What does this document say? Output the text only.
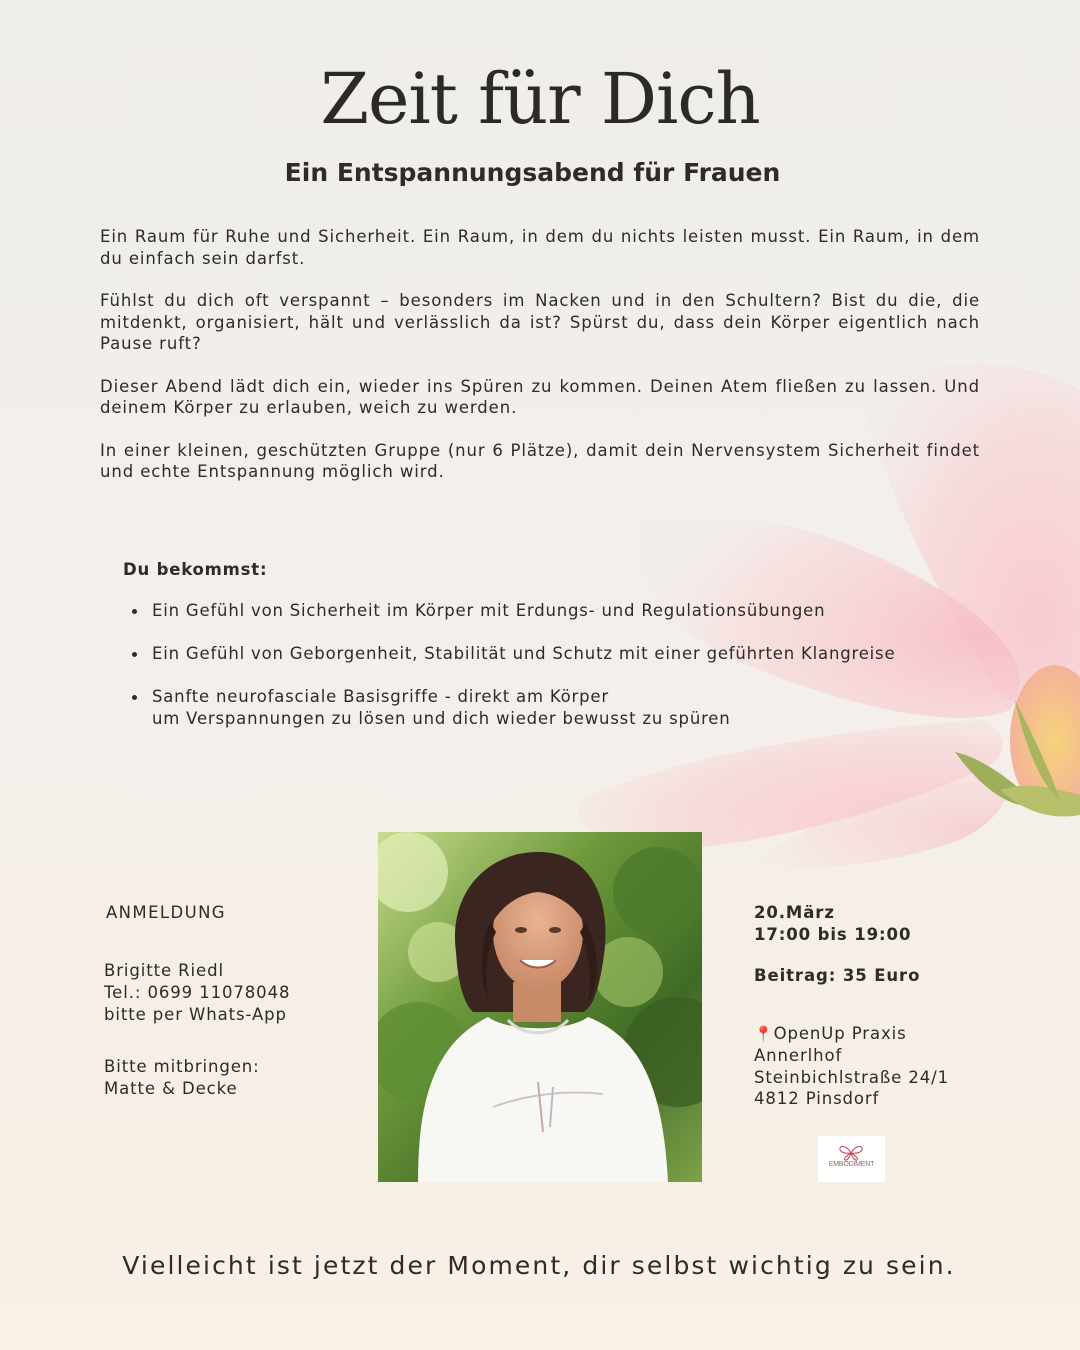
Zeit für Dich
Ein Entspannungsabend für Frauen

Ein Raum für Ruhe und Sicherheit. Ein Raum, in dem du nichts leisten musst. Ein Raum, in dem du einfach sein darfst.

Fühlst du dich oft verspannt – besonders im Nacken und in den Schultern? Bist du die, die mitdenkt, organisiert, hält und verlässlich da ist? Spürst du, dass dein Körper eigentlich nach Pause ruft?

Dieser Abend lädt dich ein, wieder ins Spüren zu kommen. Deinen Atem fließen zu lassen. Und deinem Körper zu erlauben, weich zu werden.

In einer kleinen, geschützten Gruppe (nur 6 Plätze), damit dein Nervensystem Sicherheit findet und echte Entspannung möglich wird.

Du bekommst:
Ein Gefühl von Sicherheit im Körper mit Erdungs- und Regulationsübungen
Ein Gefühl von Geborgenheit, Stabilität und Schutz mit einer geführten Klangreise
Sanfte neurofasciale Basisgriffe - direkt am Körper
um Verspannungen zu lösen und dich wieder bewusst zu spüren
ANMELDUNG
Brigitte Riedl
Tel.: 0699 11078048
bitte per Whats-App
Bitte mitbringen:
Matte & Decke
20.März
17:00 bis 19:00
Beitrag: 35 Euro
📍OpenUp Praxis
Annerlhof
Steinbichlstraße 24/1
4812 Pinsdorf
EMBODIMENT

Vielleicht ist jetzt der Moment, dir selbst wichtig zu sein.
